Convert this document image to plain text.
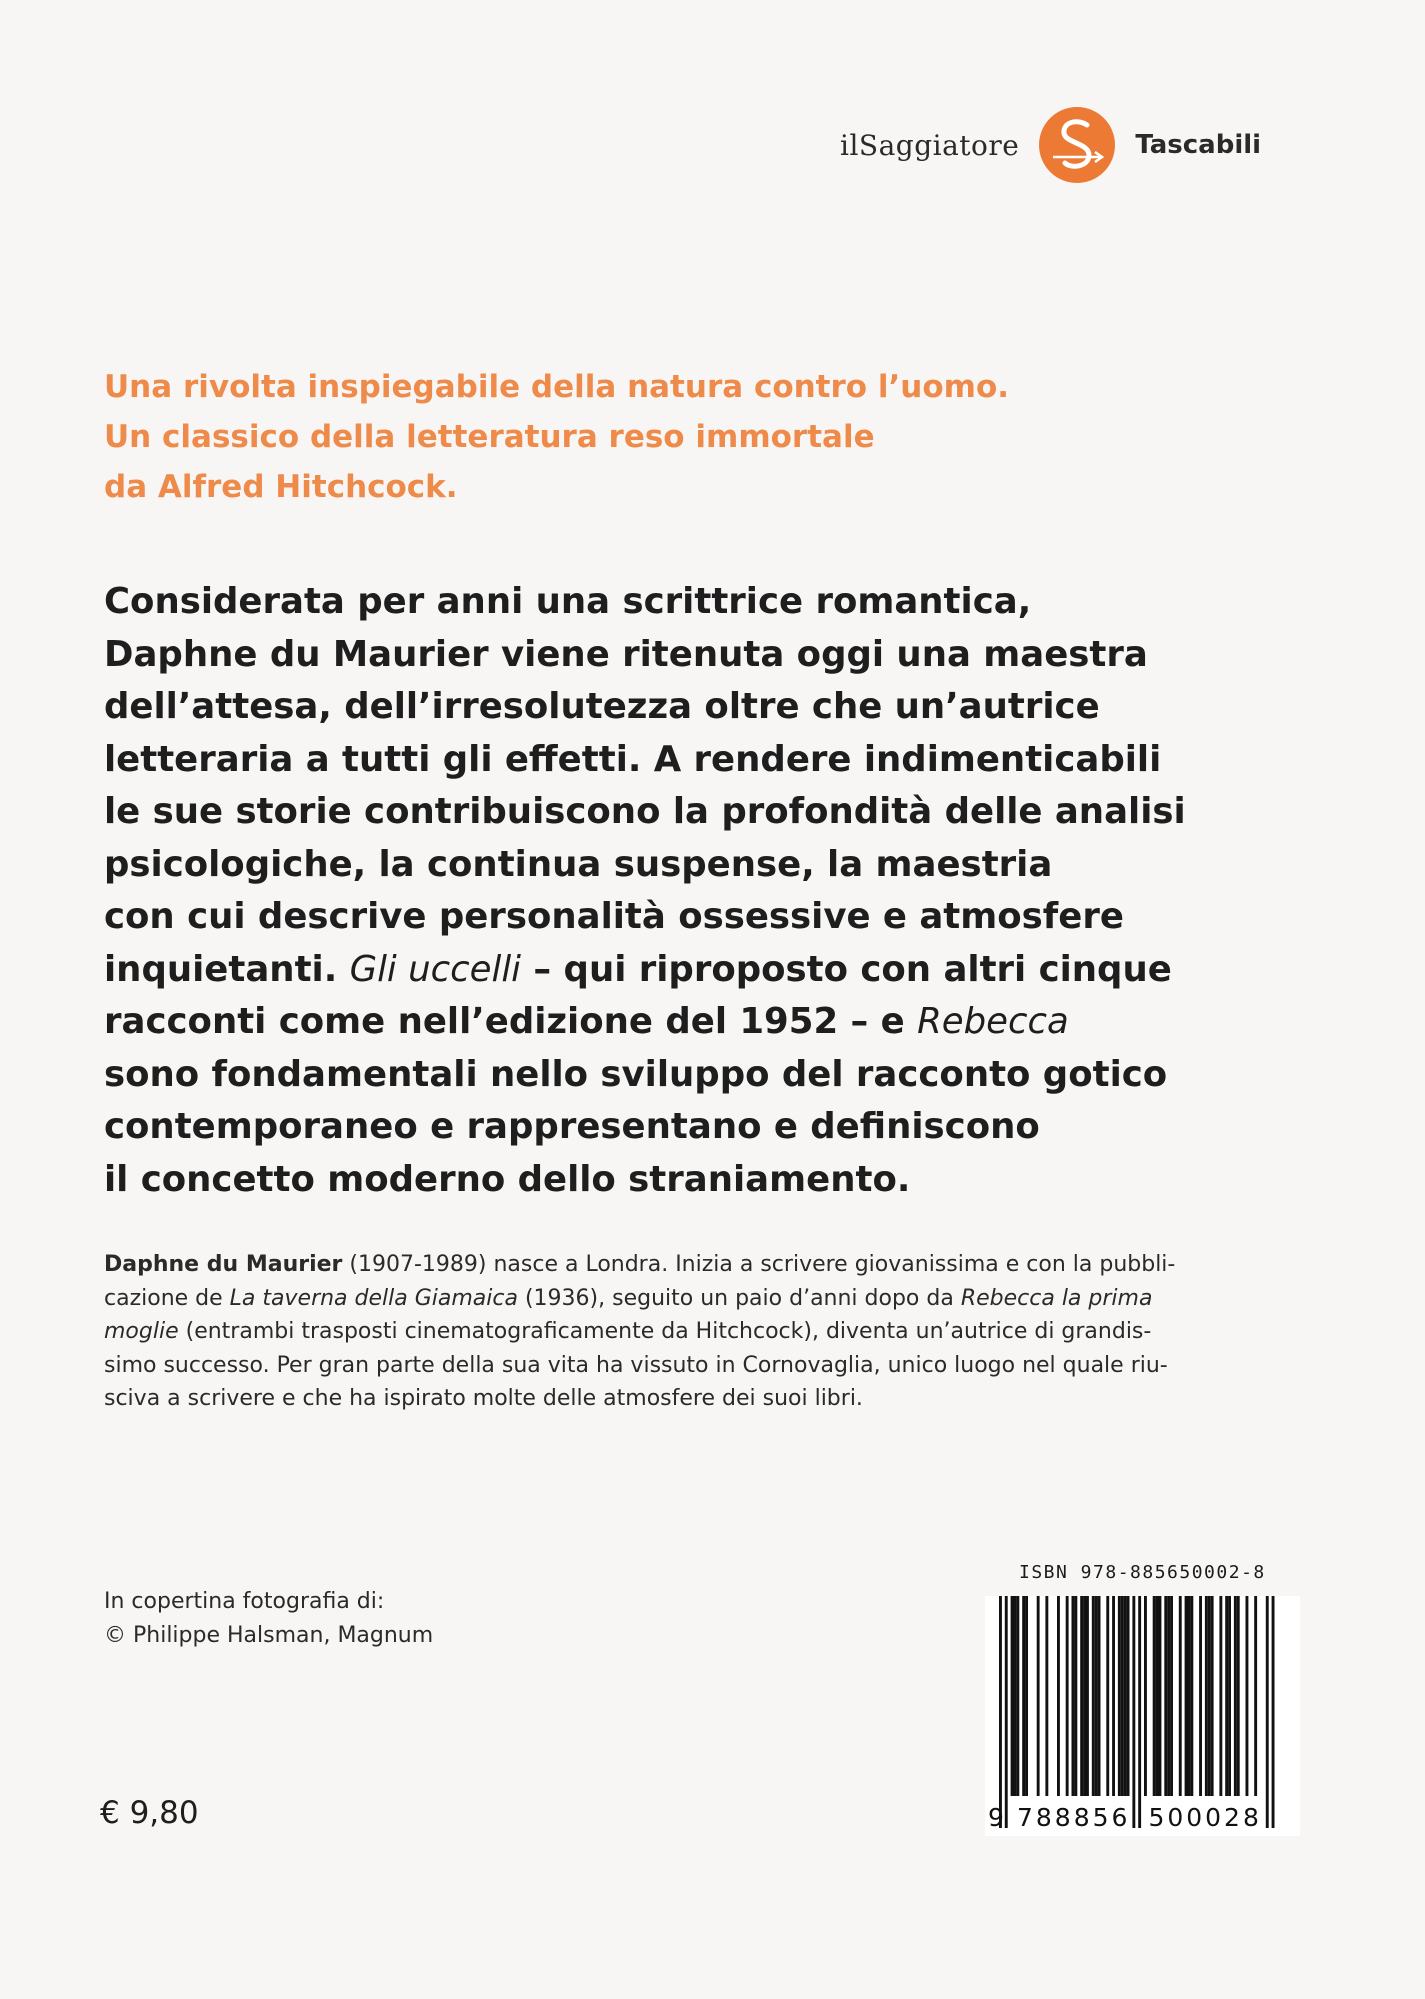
ilSaggiatore	Tascabili
Una rivolta inspiegabile della natura contro l’uomo.
Un classico della letteratura reso immortale
da Alfred Hitchcock.
Considerata per anni una scrittrice romantica,
Daphne du Maurier viene ritenuta oggi una maestra
dell’attesa, dell’irresolutezza oltre che un’autrice
letteraria a tutti gli effetti. A rendere indimenticabili
le sue storie contribuiscono la profondità delle analisi
psicologiche, la continua suspense, la maestria
con cui descrive personalità ossessive e atmosfere
inquietanti. Gli uccelli – qui riproposto con altri cinque
racconti come nell’edizione del 1952 – e Rebecca
sono fondamentali nello sviluppo del racconto gotico
contemporaneo e rappresentano e definiscono
il concetto moderno dello straniamento.
Daphne du Maurier (1907-1989) nasce a Londra. Inizia a scrivere giovanissima e con la pubbli-
cazione de La taverna della Giamaica (1936), seguito un paio d’anni dopo da Rebecca la prima
moglie (entrambi trasposti cinematograficamente da Hitchcock), diventa un’autrice di grandis-
simo successo. Per gran parte della sua vita ha vissuto in Cornovaglia, unico luogo nel quale riu-
sciva a scrivere e che ha ispirato molte delle atmosfere dei suoi libri.
In copertina fotografia di:
© Philippe Halsman, Magnum
€ 9,80
ISBN 978-885650002-8
9 788856 500028
